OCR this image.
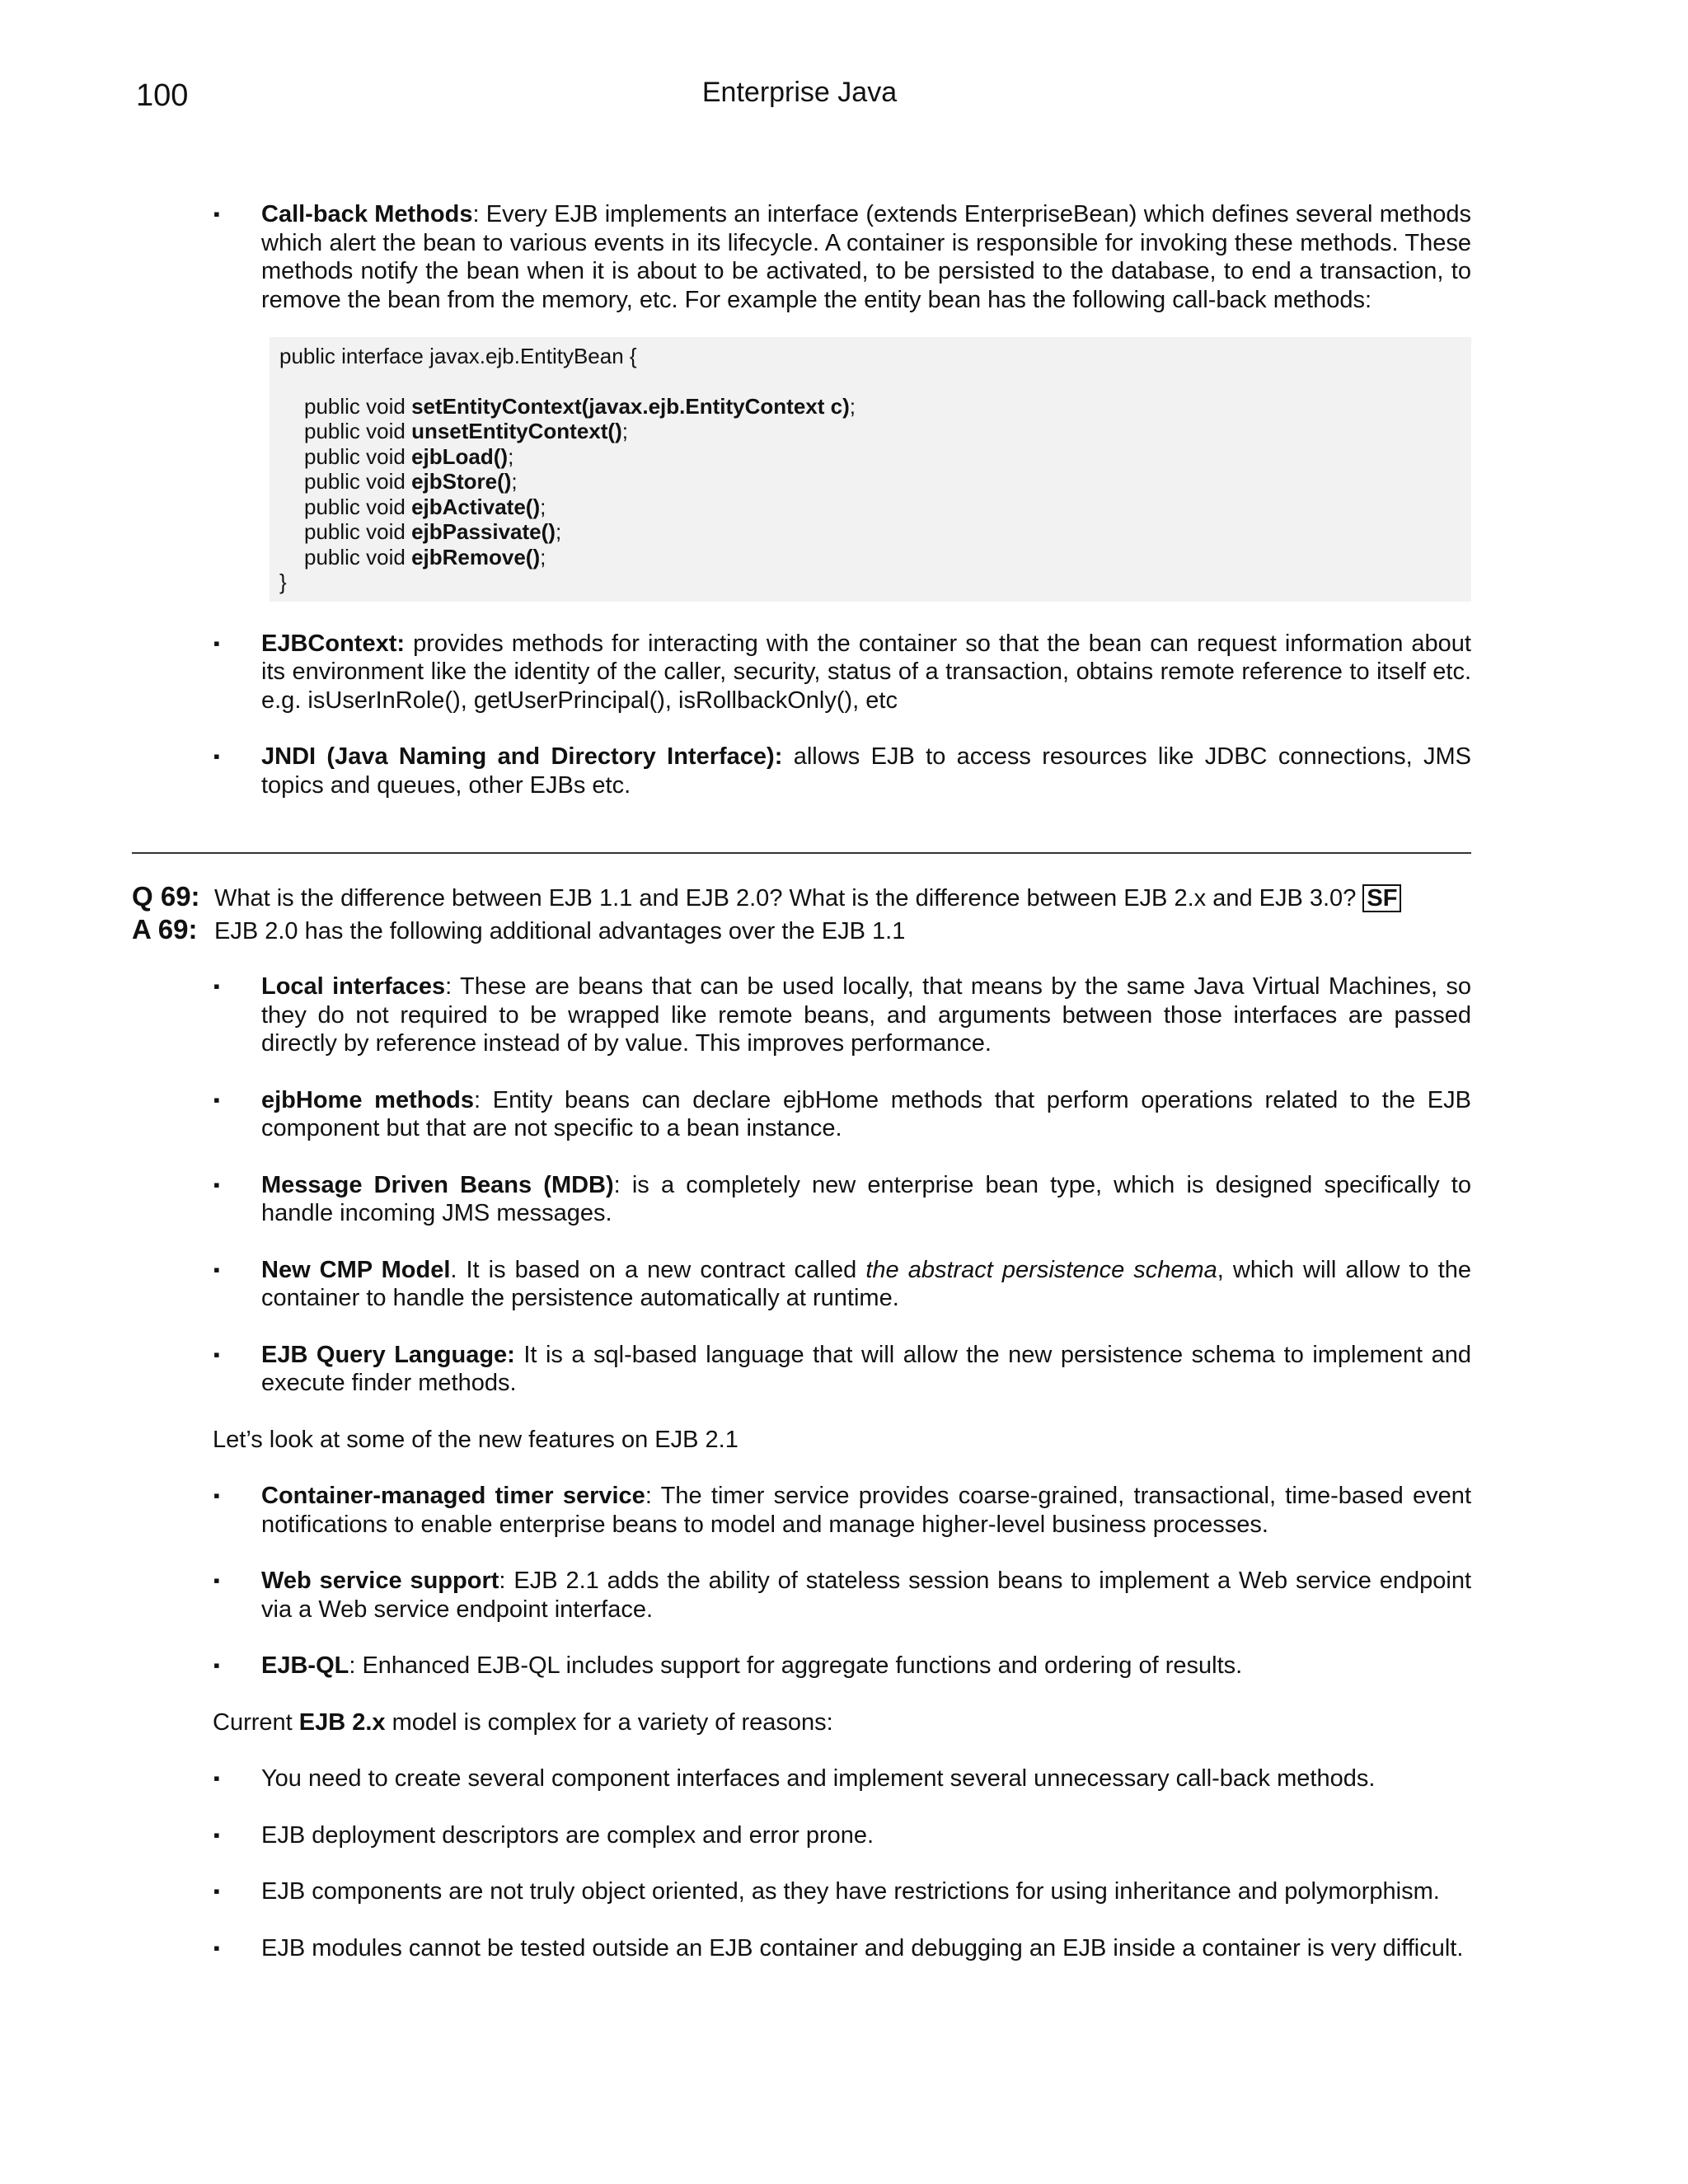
100	Enterprise Java
▪ Call-back Methods: Every EJB implements an interface (extends EnterpriseBean) which defines several methods which alert the bean to various events in its lifecycle. A container is responsible for invoking these methods. These methods notify the bean when it is about to be activated, to be persisted to the database, to end a transaction, to remove the bean from the memory, etc. For example the entity bean has the following call-back methods:
public interface javax.ejb.EntityBean {
public void setEntityContext(javax.ejb.EntityContext c);
public void unsetEntityContext();
public void ejbLoad();
public void ejbStore();
public void ejbActivate();
public void ejbPassivate();
public void ejbRemove();
}
▪ EJBContext: provides methods for interacting with the container so that the bean can request information about its environment like the identity of the caller, security, status of a transaction, obtains remote reference to itself etc. e.g. isUserInRole(), getUserPrincipal(), isRollbackOnly(), etc
▪ JNDI (Java Naming and Directory Interface): allows EJB to access resources like JDBC connections, JMS topics and queues, other EJBs etc.
Q 69: What is the difference between EJB 1.1 and EJB 2.0? What is the difference between EJB 2.x and EJB 3.0? SF
A 69: EJB 2.0 has the following additional advantages over the EJB 1.1
▪ Local interfaces: These are beans that can be used locally, that means by the same Java Virtual Machines, so they do not required to be wrapped like remote beans, and arguments between those interfaces are passed directly by reference instead of by value. This improves performance.
▪ ejbHome methods: Entity beans can declare ejbHome methods that perform operations related to the EJB component but that are not specific to a bean instance.
▪ Message Driven Beans (MDB): is a completely new enterprise bean type, which is designed specifically to handle incoming JMS messages.
▪ New CMP Model. It is based on a new contract called the abstract persistence schema, which will allow to the container to handle the persistence automatically at runtime.
▪ EJB Query Language: It is a sql-based language that will allow the new persistence schema to implement and execute finder methods.
Let’s look at some of the new features on EJB 2.1
▪ Container-managed timer service: The timer service provides coarse-grained, transactional, time-based event notifications to enable enterprise beans to model and manage higher-level business processes.
▪ Web service support: EJB 2.1 adds the ability of stateless session beans to implement a Web service endpoint via a Web service endpoint interface.
▪ EJB-QL: Enhanced EJB-QL includes support for aggregate functions and ordering of results.
Current EJB 2.x model is complex for a variety of reasons:
▪ You need to create several component interfaces and implement several unnecessary call-back methods.
▪ EJB deployment descriptors are complex and error prone.
▪ EJB components are not truly object oriented, as they have restrictions for using inheritance and polymorphism.
▪ EJB modules cannot be tested outside an EJB container and debugging an EJB inside a container is very difficult.
